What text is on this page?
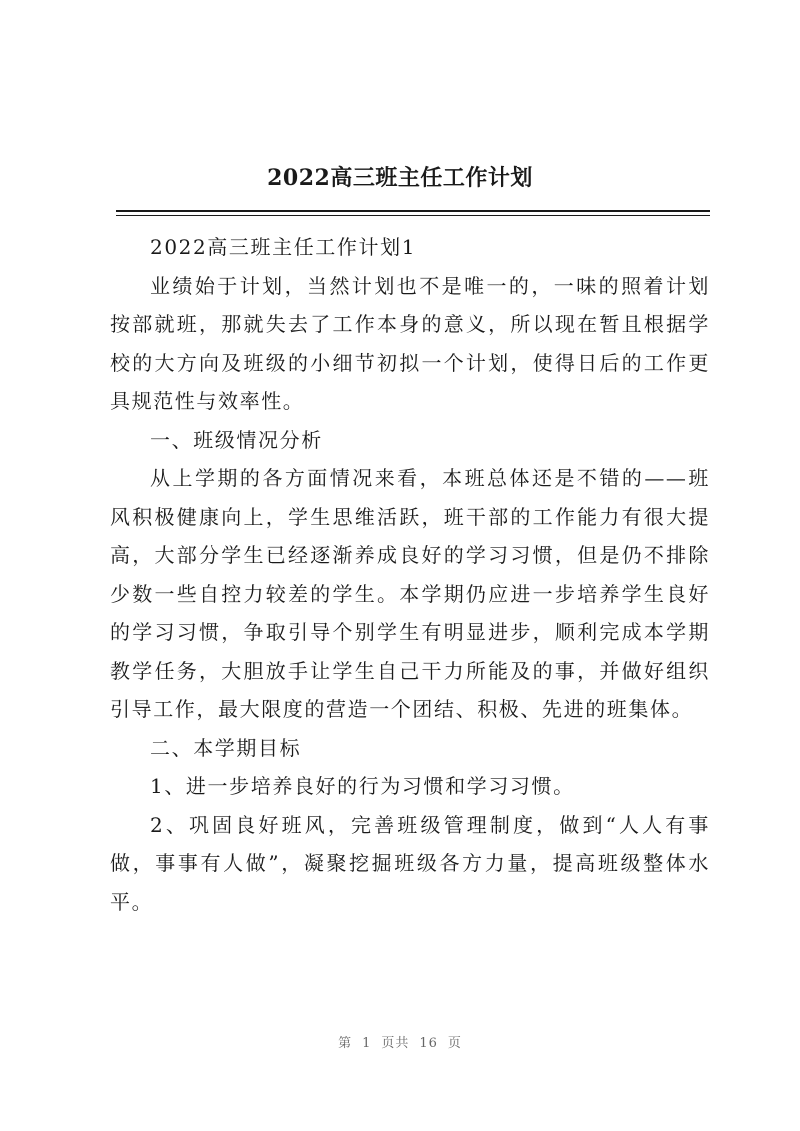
2022高三班主任工作计划

2022高三班主任工作计划1

业绩始于计划，当然计划也不是唯一的，一味的照着计划按部就班，那就失去了工作本身的意义，所以现在暂且根据学校的大方向及班级的小细节初拟一个计划，使得日后的工作更具规范性与效率性。

一、班级情况分析

从上学期的各方面情况来看，本班总体还是不错的——班风积极健康向上，学生思维活跃，班干部的工作能力有很大提高，大部分学生已经逐渐养成良好的学习习惯，但是仍不排除少数一些自控力较差的学生。本学期仍应进一步培养学生良好的学习习惯，争取引导个别学生有明显进步，顺利完成本学期教学任务，大胆放手让学生自己干力所能及的事，并做好组织引导工作，最大限度的营造一个团结、积极、先进的班集体。

二、本学期目标

1、进一步培养良好的行为习惯和学习习惯。

2、巩固良好班风，完善班级管理制度，做到“人人有事做，事事有人做”，凝聚挖掘班级各方力量，提高班级整体水平。

第 1 页共 16 页
